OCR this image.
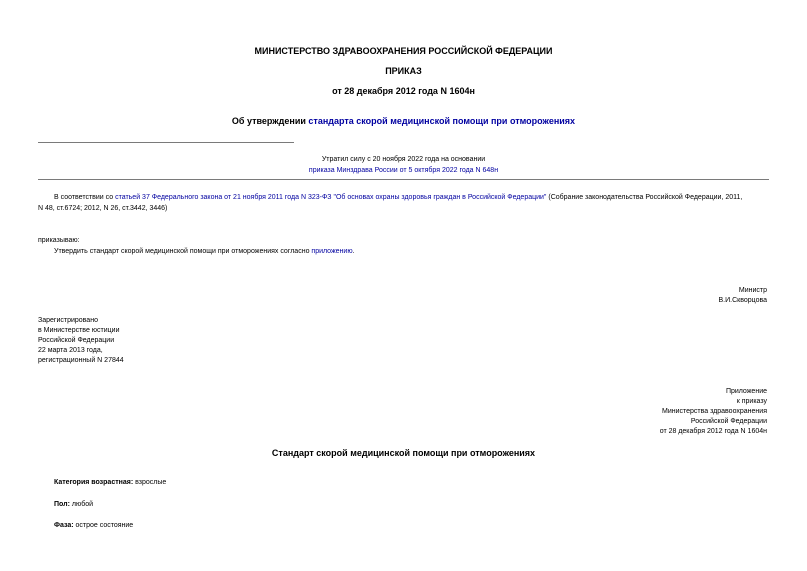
МИНИСТЕРСТВО ЗДРАВООХРАНЕНИЯ РОССИЙСКОЙ ФЕДЕРАЦИИ
ПРИКАЗ
от 28 декабря 2012 года N 1604н
Об утверждении стандарта скорой медицинской помощи при отморожениях
Утратил силу с 20 ноября 2022 года на основании
приказа Минздрава России от 5 октября 2022 года N 648н
В соответствии со статьей 37 Федерального закона от 21 ноября 2011 года N 323-ФЗ "Об основах охраны здоровья граждан в Российской Федерации" (Собрание законодательства Российской Федерации, 2011,
N 48, ст.6724; 2012, N 26, ст.3442, 3446)
приказываю:
Утвердить стандарт скорой медицинской помощи при отморожениях согласно приложению.
Министр
В.И.Скворцова
Зарегистрировано
в Министерстве юстиции
Российской Федерации
22 марта 2013 года,
регистрационный N 27844
Приложение
к приказу
Министерства здравоохранения
Российской Федерации
от 28 декабря 2012 года N 1604н
Стандарт скорой медицинской помощи при отморожениях
Категория возрастная: взрослые
Пол: любой
Фаза: острое состояние
